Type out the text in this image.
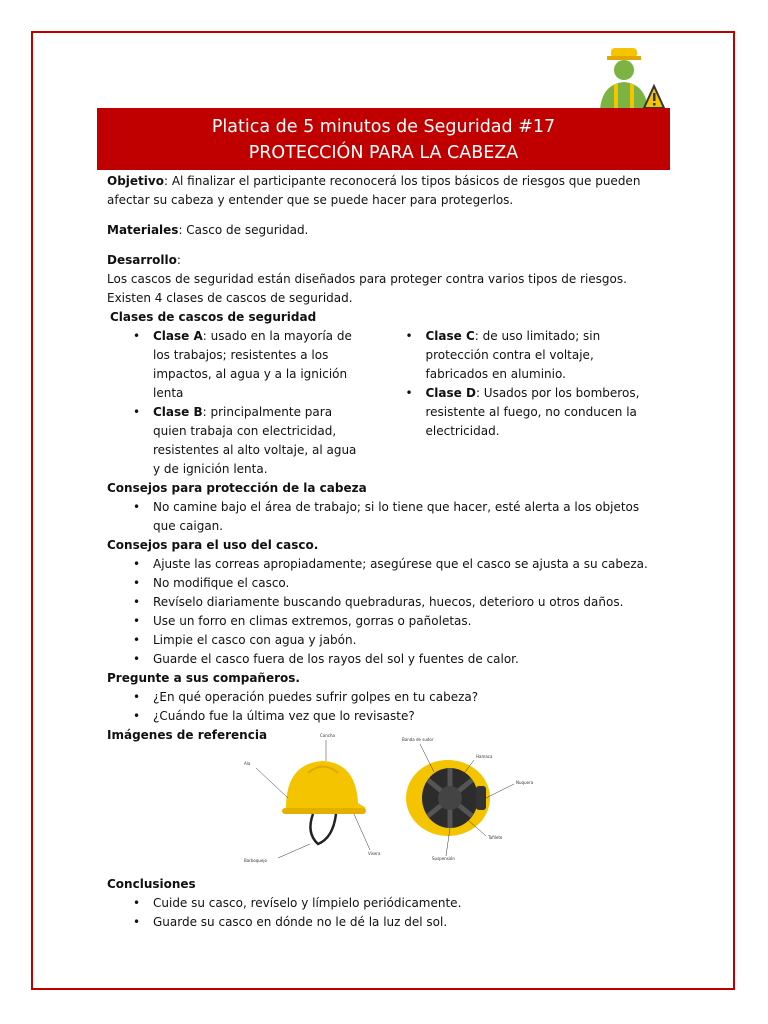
Platica de 5 minutos de Seguridad #17
PROTECCIÓN PARA LA CABEZA

Objetivo: Al finalizar el participante reconocerá los tipos básicos de riesgos que pueden afectar su cabeza y entender que se puede hacer para protegerlos.

Materiales: Casco de seguridad.

Desarrollo:

Los cascos de seguridad están diseñados para proteger contra varios tipos de riesgos. Existen 4 clases de cascos de seguridad.

Clases de cascos de seguridad

• Clase A: usado en la mayoría de los trabajos; resistentes a los impactos, al agua y a la ignición lenta
• Clase B: principalmente para quien trabaja con electricidad, resistentes al alto voltaje, al agua y de ignición lenta.
• Clase C: de uso limitado; sin protección contra el voltaje, fabricados en aluminio.
• Clase D: Usados por los bomberos, resistente al fuego, no conducen la electricidad.

Consejos para protección de la cabeza

• No camine bajo el área de trabajo; si lo tiene que hacer, esté alerta a los objetos que caigan.

Consejos para el uso del casco.

• Ajuste las correas apropiadamente; asegúrese que el casco se ajusta a su cabeza.
• No modifique el casco.
• Revíselo diariamente buscando quebraduras, huecos, deterioro u otros daños.
• Use un forro en climas extremos, gorras o pañoletas.
• Limpie el casco con agua y jabón.
• Guarde el casco fuera de los rayos del sol y fuentes de calor.

Pregunte a sus compañeros.

• ¿En qué operación puedes sufrir golpes en tu cabeza?
• ¿Cuándo fue la última vez que lo revisaste?

Imágenes de referencia

Ala
Concha
Barboquejo
Visera
Banda de sudor
Hamaca
Nuquera
Tafilete
Suspensión

Conclusiones

• Cuide su casco, revíselo y límpielo periódicamente.
• Guarde su casco en dónde no le dé la luz del sol.
